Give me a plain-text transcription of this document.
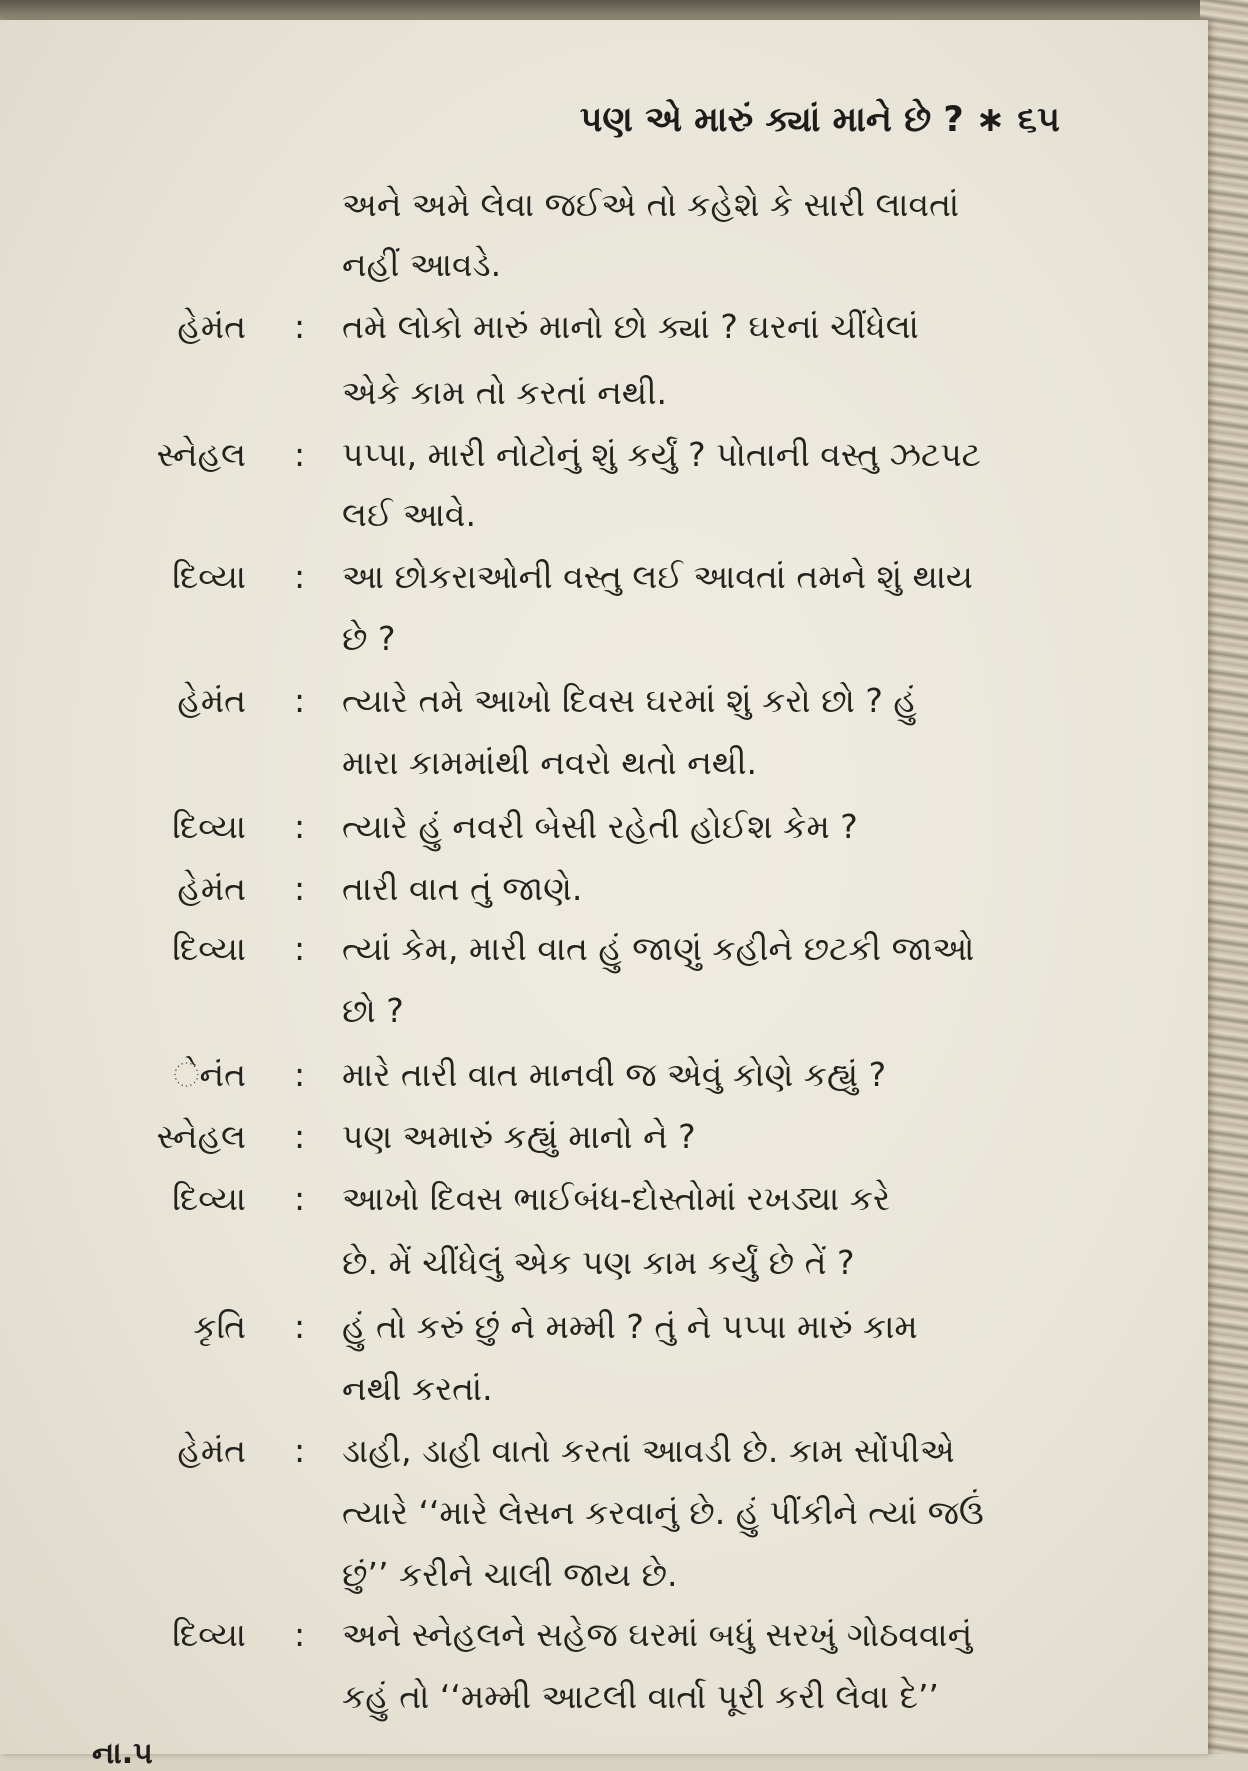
પણ એ મારું ક્યાં માને છે ? ∗ ૬૫
અને અમે લેવા જઈએ તો કહેશે કે સારી લાવતાં
નહીં આવડે.
હેમંત : તમે લોકો મારું માનો છો ક્યાં ? ઘરનાં ચીંધેલાં
એકે કામ તો કરતાં નથી.
સ્નેહલ : પપ્પા, મારી નોટોનું શું કર્યું ? પોતાની વસ્તુ ઝટપટ
લઈ આવે.
દિવ્યા : આ છોકરાઓની વસ્તુ લઈ આવતાં તમને શું થાય
છે ?
હેમંત : ત્યારે તમે આખો દિવસ ઘરમાં શું કરો છો ? હું
મારા કામમાંથી નવરો થતો નથી.
દિવ્યા : ત્યારે હું નવરી બેસી રહેતી હોઈશ કેમ ?
હેમંત : તારી વાત તું જાણે.
દિવ્યા : ત્યાં કેમ, મારી વાત હું જાણું કહીને છટકી જાઓ
છો ?
ેનંત : મારે તારી વાત માનવી જ એવું કોણે કહ્યું ?
સ્નેહલ : પણ અમારું કહ્યું માનો ને ?
દિવ્યા : આખો દિવસ ભાઈબંધ-દોસ્તોમાં રખડ્યા કરે
છે. મેં ચીંધેલું એક પણ કામ કર્યું છે તેં ?
કૃતિ : હું તો કરું છું ને મમ્મી ? તું ને પપ્પા મારું કામ
નથી કરતાં.
હેમંત : ડાહી, ડાહી વાતો કરતાં આવડી છે. કામ સોંપીએ
ત્યારે ‘‘મારે લેસન કરવાનું છે. હું પીંકીને ત્યાં જઉં
છું’’ કરીને ચાલી જાય છે.
દિવ્યા : અને સ્નેહલને સહેજ ઘરમાં બધું સરખું ગોઠવવાનું
કહું તો ‘‘મમ્મી આટલી વાર્તા પૂરી કરી લેવા દે’’
ના.૫
